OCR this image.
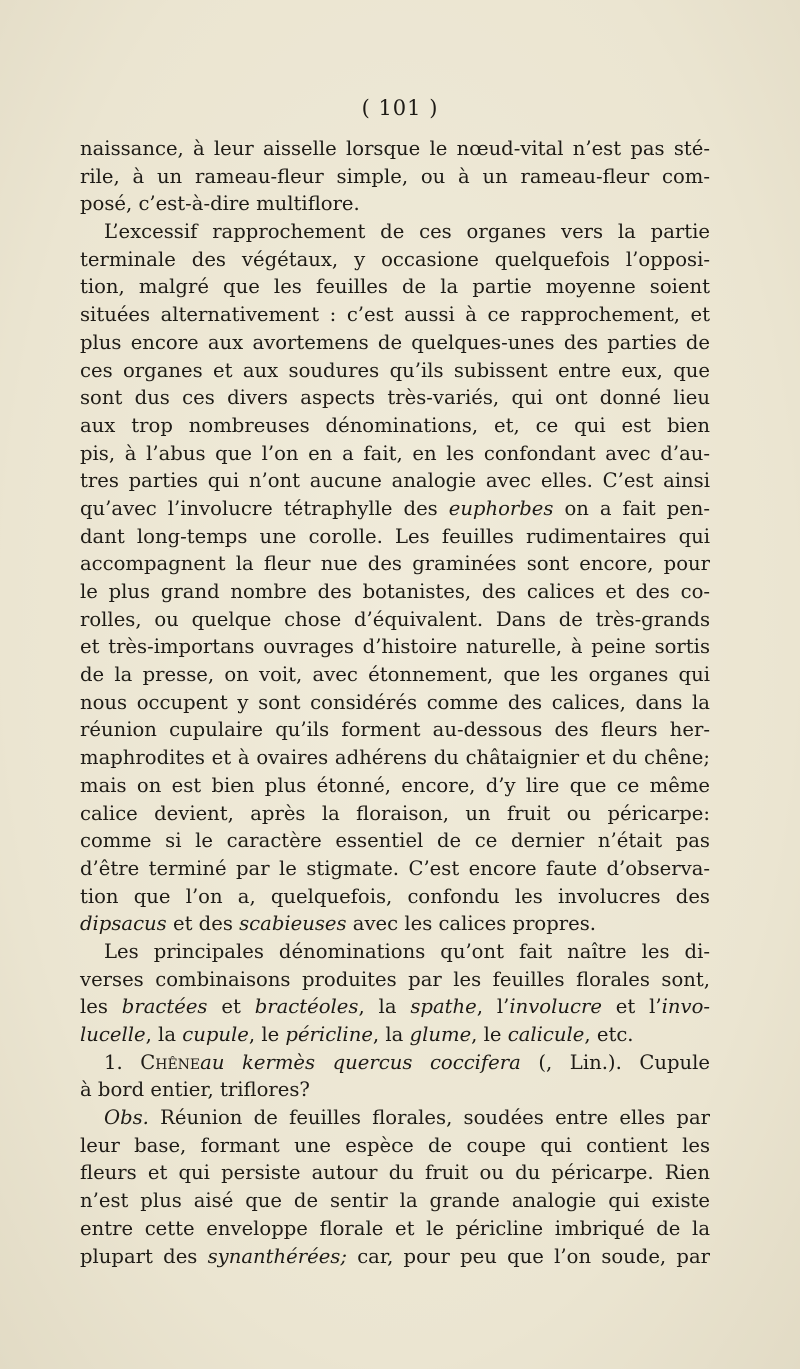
( 101 )
naissance, à leur aisselle lorsque le nœud-vital n’est pas sté-
rile, à un rameau-fleur simple, ou à un rameau-fleur com-
posé, c’est-à-dire multiflore.
L’excessif rapprochement de ces organes vers la partie
terminale des végétaux, y occasione quelquefois l’opposi-
tion, malgré que les feuilles de la partie moyenne soient
situées alternativement : c’est aussi à ce rapprochement, et
plus encore aux avortemens de quelques-unes des parties de
ces organes et aux soudures qu’ils subissent entre eux, que
sont dus ces divers aspects très-variés, qui ont donné lieu
aux trop nombreuses dénominations, et, ce qui est bien
pis, à l’abus que l’on en a fait, en les confondant avec d’au-
tres parties qui n’ont aucune analogie avec elles. C’est ainsi
qu’avec l’involucre tétraphylle des euphorbes on a fait pen-
dant long-temps une corolle. Les feuilles rudimentaires qui
accompagnent la fleur nue des graminées sont encore, pour
le plus grand nombre des botanistes, des calices et des co-
rolles, ou quelque chose d’équivalent. Dans de très-grands
et très-importans ouvrages d’histoire naturelle, à peine sortis
de la presse, on voit, avec étonnement, que les organes qui
nous occupent y sont considérés comme des calices, dans la
réunion cupulaire qu’ils forment au-dessous des fleurs her-
maphrodites et à ovaires adhérens du châtaignier et du chêne;
mais on est bien plus étonné, encore, d’y lire que ce même
calice devient, après la floraison, un fruit ou péricarpe:
comme si le caractère essentiel de ce dernier n’était pas
d’être terminé par le stigmate. C’est encore faute d’observa-
tion que l’on a, quelquefois, confondu les involucres des
dipsacus et des scabieuses avec les calices propres.
Les principales dénominations qu’ont fait naître les di-
verses combinaisons produites par les feuilles florales sont,
les bractées et bractéoles, la spathe, l’involucre et l’invo-
lucelle, la cupule, le péricline, la glume, le calicule, etc.
1. Chêneau kermès quercus coccifera (, Lin.). Cupule
à bord entier, triflores?
Obs. Réunion de feuilles florales, soudées entre elles par
leur base, formant une espèce de coupe qui contient les
fleurs et qui persiste autour du fruit ou du péricarpe. Rien
n’est plus aisé que de sentir la grande analogie qui existe
entre cette enveloppe florale et le péricline imbriqué de la
plupart des synanthérées; car, pour peu que l’on soude, par
